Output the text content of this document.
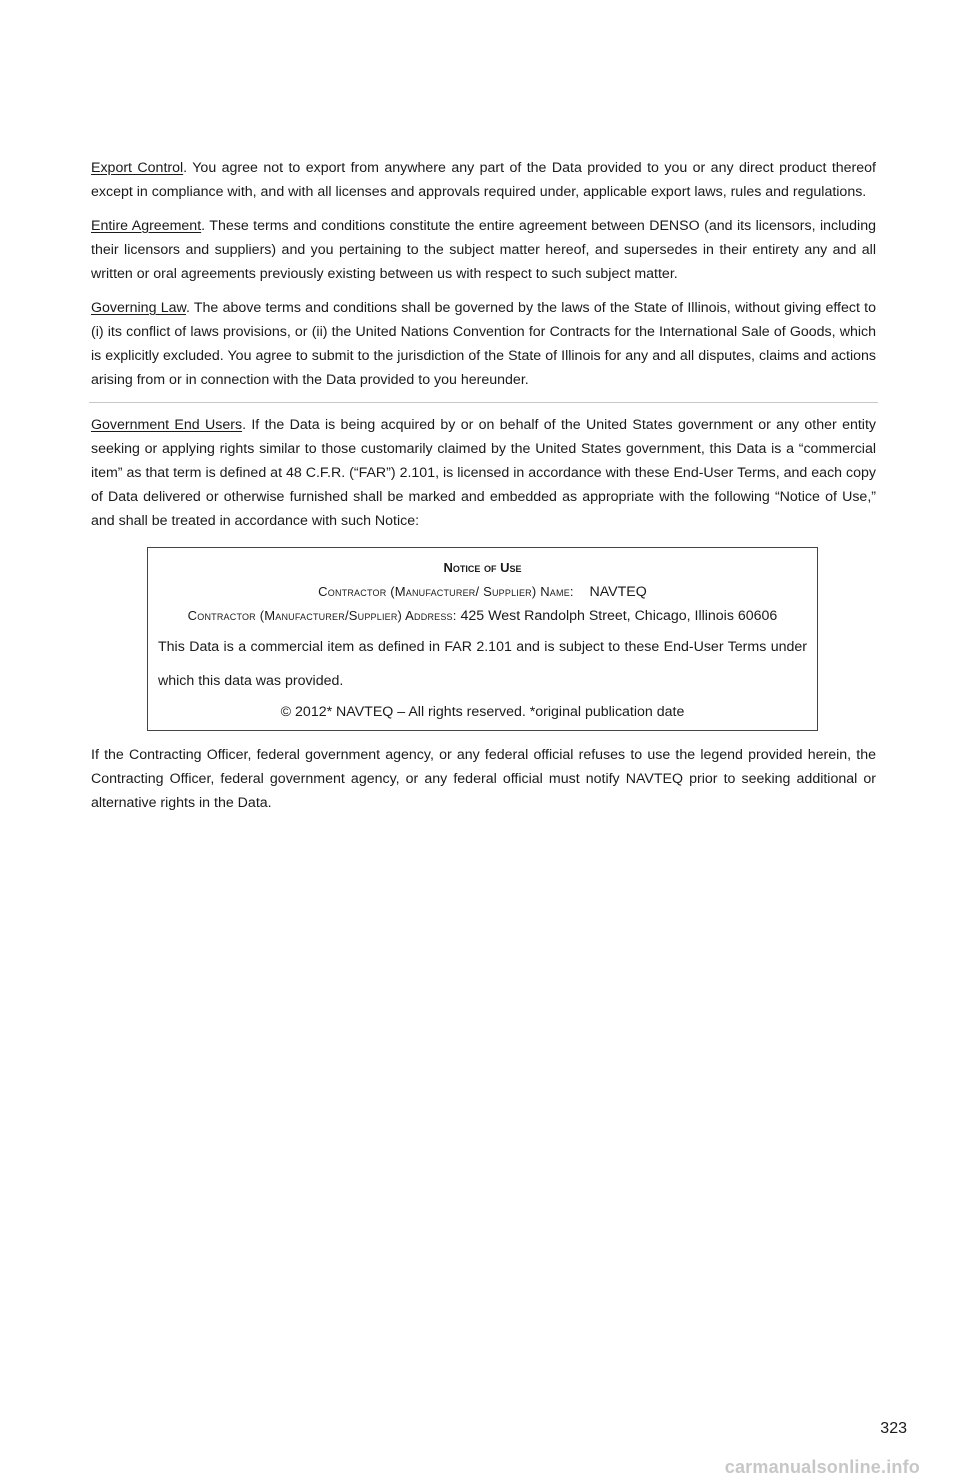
Export Control. You agree not to export from anywhere any part of the Data provided to you or any direct product thereof except in compliance with, and with all licenses and approvals required under, applicable export laws, rules and regulations.

Entire Agreement. These terms and conditions constitute the entire agreement between DENSO (and its licensors, including their licensors and suppliers) and you pertaining to the subject matter hereof, and supersedes in their entirety any and all written or oral agreements previously existing between us with respect to such subject matter.

Governing Law. The above terms and conditions shall be governed by the laws of the State of Illinois, without giving effect to (i) its conflict of laws provisions, or (ii) the United Nations Convention for Contracts for the International Sale of Goods, which is explicitly excluded. You agree to submit to the jurisdiction of the State of Illinois for any and all disputes, claims and actions arising from or in connection with the Data provided to you hereunder.

Government End Users. If the Data is being acquired by or on behalf of the United States government or any other entity seeking or applying rights similar to those customarily claimed by the United States government, this Data is a “commercial item” as that term is defined at 48 C.F.R. (“FAR”) 2.101, is licensed in accordance with these End-User Terms, and each copy of Data delivered or otherwise furnished shall be marked and embedded as appropriate with the following “Notice of Use,” and shall be treated in accordance with such Notice:

Notice of Use
Contractor (Manufacturer/ Supplier) Name: NAVTEQ
Contractor (Manufacturer/Supplier) Address: 425 West Randolph Street, Chicago, Illinois 60606
This Data is a commercial item as defined in FAR 2.101 and is subject to these End-User Terms under which this data was provided.
© 2012* NAVTEQ – All rights reserved. *original publication date

If the Contracting Officer, federal government agency, or any federal official refuses to use the legend provided herein, the Contracting Officer, federal government agency, or any federal official must notify NAVTEQ prior to seeking additional or alternative rights in the Data.

323
carmanualsonline.info
